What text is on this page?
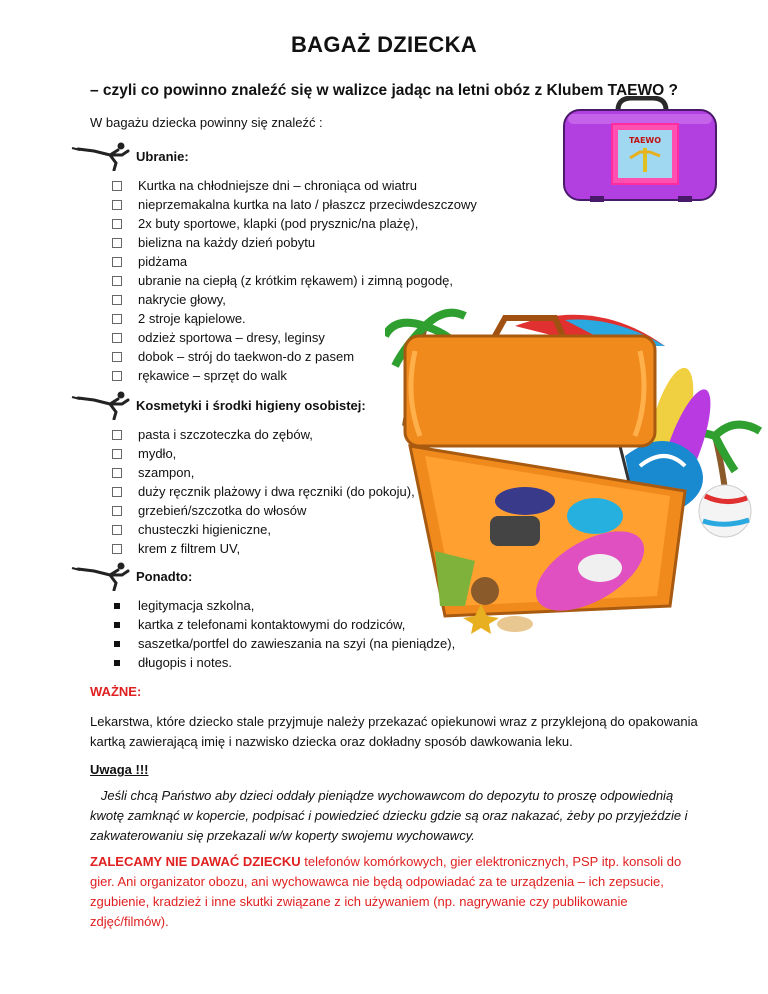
BAGAŻ DZIECKA
– czyli co powinno znaleźć się w walizce jadąc na letni obóz z Klubem TAEWO ?
W bagażu dziecka powinny się znaleźć :
TAEWO
Ubranie:
Kurtka na chłodniejsze dni – chroniąca od wiatru
nieprzemakalna kurtka na lato / płaszcz przeciwdeszczowy
2x buty sportowe, klapki (pod prysznic/na plażę),
bielizna na każdy dzień pobytu
pidżama
ubranie na ciepłą (z krótkim rękawem) i zimną pogodę,
nakrycie głowy,
2 stroje kąpielowe.
odzież sportowa – dresy, leginsy
dobok – strój do taekwon-do z pasem
rękawice – sprzęt do walk
Kosmetyki i środki higieny osobistej:
pasta i szczoteczka do zębów,
mydło,
szampon,
duży ręcznik plażowy i dwa ręczniki (do pokoju),
grzebień/szczotka do włosów
chusteczki higieniczne,
krem z filtrem UV,
Ponadto:
legitymacja szkolna,
kartka z telefonami kontaktowymi do rodziców,
saszetka/portfel do zawieszania na szyi (na pieniądze),
długopis i notes.
WAŻNE:
Lekarstwa, które dziecko stale przyjmuje należy przekazać opiekunowi wraz z przyklejoną do opakowania kartką zawierającą imię i nazwisko dziecka oraz dokładny sposób dawkowania leku.
Uwaga !!!
Jeśli chcą Państwo aby dzieci oddały pieniądze wychowawcom do depozytu to proszę odpowiednią kwotę zamknąć w kopercie, podpisać i powiedzieć dziecku gdzie są oraz nakazać, żeby po przyjeździe i zakwaterowaniu się przekazali w/w koperty swojemu wychowawcy.
ZALECAMY NIE DAWAĆ DZIECKU telefonów komórkowych, gier elektronicznych, PSP itp. konsoli do gier. Ani organizator obozu, ani wychowawca nie będą odpowiadać za te urządzenia – ich zepsucie, zgubienie, kradzież i inne skutki związane z ich używaniem (np. nagrywanie czy publikowanie zdjęć/filmów).
